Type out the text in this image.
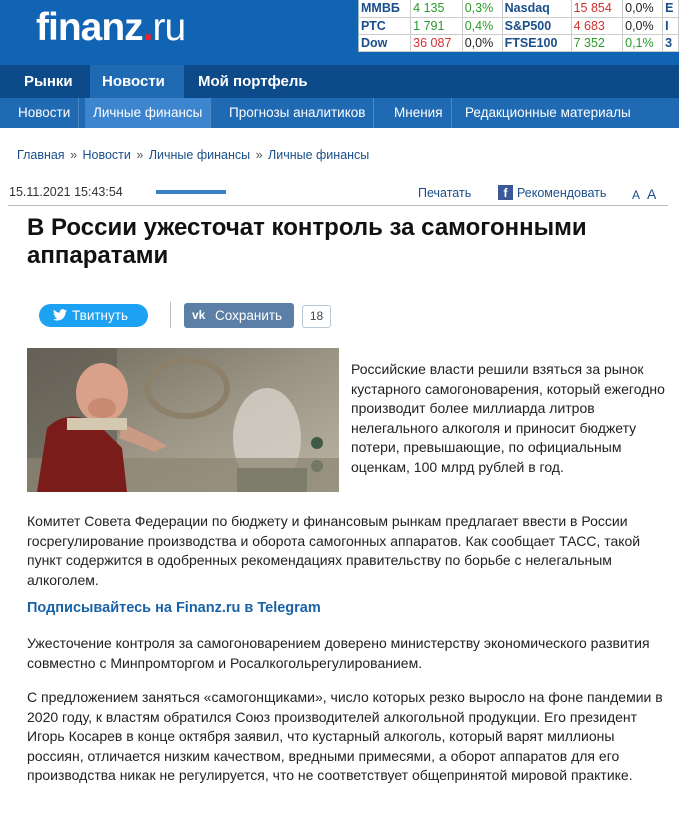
finanz.ru	ММВБ	4 135	0,3%	Nasdaq	15 854	0,0%	E
РТС	1 791	0,4%	S&P500	4 683	0,0%	I
Dow	36 087	0,0%	FTSE100	7 352	0,1%	3
Рынки	Новости	Мой портфель
Новости	Личные финансы	Прогнозы аналитиков	Мнения	Редакционные материалы
Главная » Новости » Личные финансы » Личные финансы
15.11.2021 15:43:54	Печатать	f Рекомендовать A A
В России ужесточат контроль за самогонными аппаратами
Твитнуть	vk Сохранить	18
Российские власти решили взяться за рынок кустарного самогоноварения, который ежегодно производит более миллиарда литров нелегального алкоголя и приносит бюджету потери, превышающие, по официальным оценкам, 100 млрд рублей в год.
Комитет Совета Федерации по бюджету и финансовым рынкам предлагает ввести в России госрегулирование производства и оборота самогонных аппаратов. Как сообщает ТАСС, такой пункт содержится в одобренных рекомендациях правительству по борьбе с нелегальным алкоголем.
Подписывайтесь на Finanz.ru в Telegram
Ужесточение контроля за самогоноварением доверено министерству экономического развития совместно с Минпромторгом и Росалкогольрегулированием.
С предложением заняться «самогонщиками», число которых резко выросло на фоне пандемии в 2020 году, к властям обратился Союз производителей алкогольной продукции. Его президент Игорь Косарев в конце октября заявил, что кустарный алкоголь, который варят миллионы россиян, отличается низким качеством, вредными примесями, а оборот аппаратов для его производства никак не регулируется, что не соответствует общепринятой мировой практике.
